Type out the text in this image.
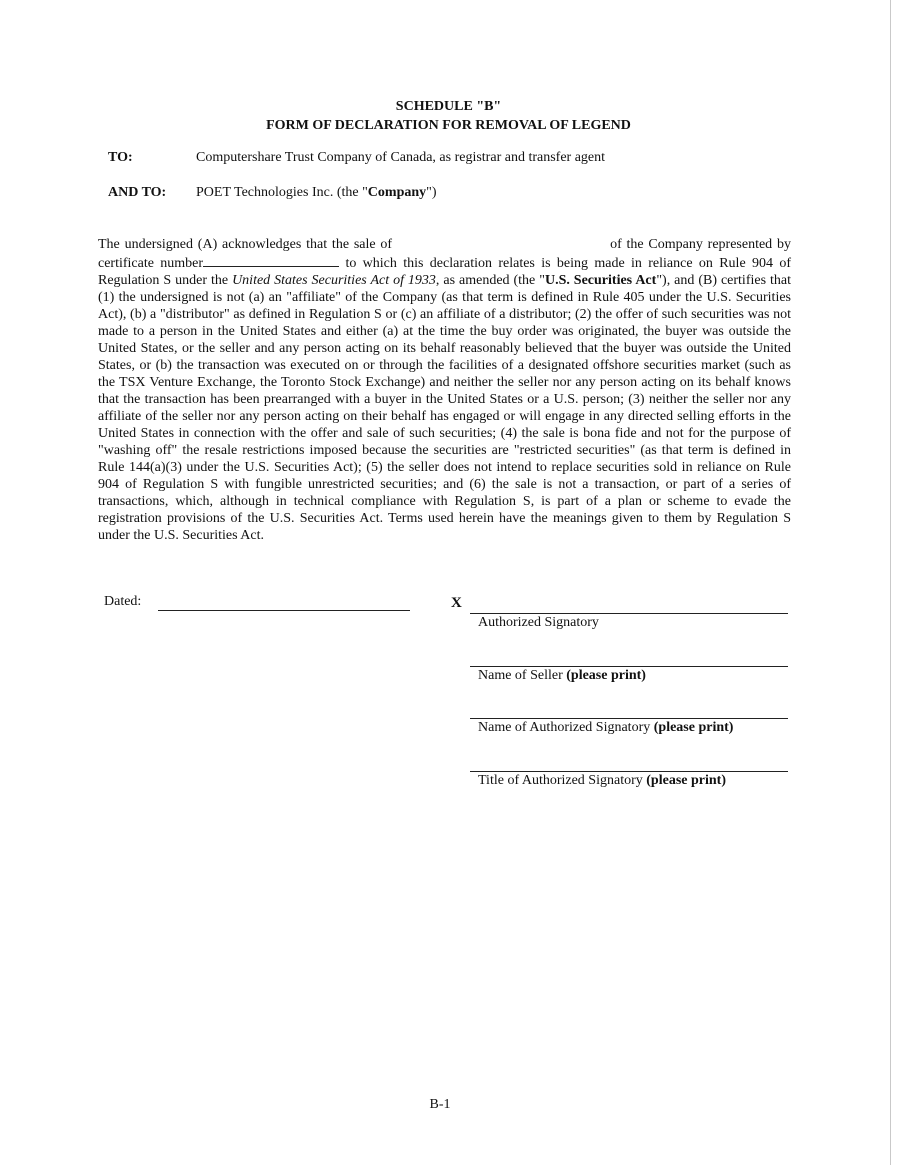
SCHEDULE "B"
FORM OF DECLARATION FOR REMOVAL OF LEGEND
TO:	Computershare Trust Company of Canada, as registrar and transfer agent
AND TO: POET Technologies Inc. (the "Company")

The undersigned (A) acknowledges that the sale of	of the Company represented by certificate number	to which this declaration relates is being made in reliance on Rule 904 of Regulation S under the United States Securities Act of 1933, as amended (the "U.S. Securities Act"), and (B) certifies that (1) the undersigned is not (a) an "affiliate" of the Company (as that term is defined in Rule 405 under the U.S. Securities Act), (b) a "distributor" as defined in Regulation S or (c) an affiliate of a distributor; (2) the offer of such securities was not made to a person in the United States and either (a) at the time the buy order was originated, the buyer was outside the United States, or the seller and any person acting on its behalf reasonably believed that the buyer was outside the United States, or (b) the transaction was executed on or through the facilities of a designated offshore securities market (such as the TSX Venture Exchange, the Toronto Stock Exchange) and neither the seller nor any person acting on its behalf knows that the transaction has been prearranged with a buyer in the United States or a U.S. person; (3) neither the seller nor any affiliate of the seller nor any person acting on their behalf has engaged or will engage in any directed selling efforts in the United States in connection with the offer and sale of such securities; (4) the sale is bona fide and not for the purpose of "washing off" the resale restrictions imposed because the securities are "restricted securities" (as that term is defined in Rule 144(a)(3) under the U.S. Securities Act); (5) the seller does not intend to replace securities sold in reliance on Rule 904 of Regulation S with fungible unrestricted securities; and (6) the sale is not a transaction, or part of a series of transactions, which, although in technical compliance with Regulation S, is part of a plan or scheme to evade the registration provisions of the U.S. Securities Act. Terms used herein have the meanings given to them by Regulation S under the U.S. Securities Act.

Dated:	X
Authorized Signatory
Name of Seller (please print)
Name of Authorized Signatory (please print)
Title of Authorized Signatory (please print)
B-1
